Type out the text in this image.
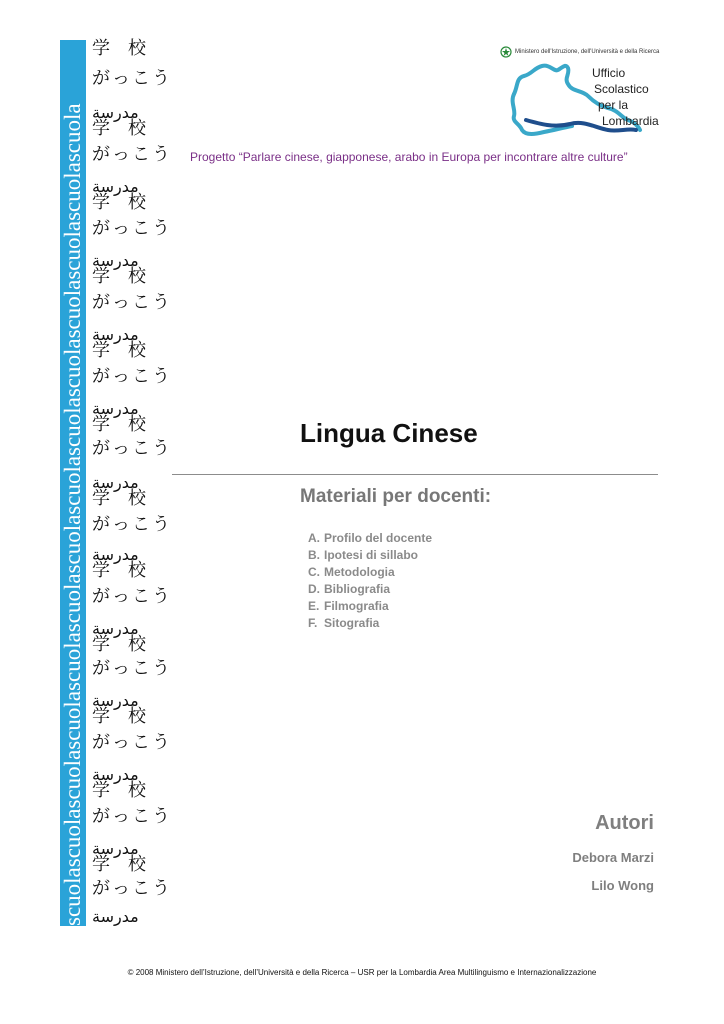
scuolascuolascuolascuolascuolascuolascuolascuolascuolascuolascuolascuolascuolascuola
学校
がっこう
مدرسة
学校
がっこう
مدرسة
学校
がっこう
مدرسة
学校
がっこう
مدرسة
学校
がっこう
مدرسة
学校
がっこう
مدرسة
学校
がっこう
مدرسة
学校
がっこう
مدرسة
学校
がっこう
مدرسة
学校
がっこう
مدرسة
学校
がっこう
مدرسة
学校
がっこう
مدرسة
Ministero dell'Istruzione, dell'Università e della Ricerca
Ufficio
Scolastico
per la
Lombardia
Progetto “Parlare cinese, giapponese, arabo in Europa per incontrare altre culture”
Lingua Cinese
Materiali per docenti:
A. Profilo del docente
B. Ipotesi di sillabo
C. Metodologia
D. Bibliografia
E. Filmografia
F. Sitografia
Autori
Debora Marzi
Lilo Wong
© 2008 Ministero dell’Istruzione, dell’Università e della Ricerca – USR per la Lombardia Area Multilinguismo e Internazionalizzazione
